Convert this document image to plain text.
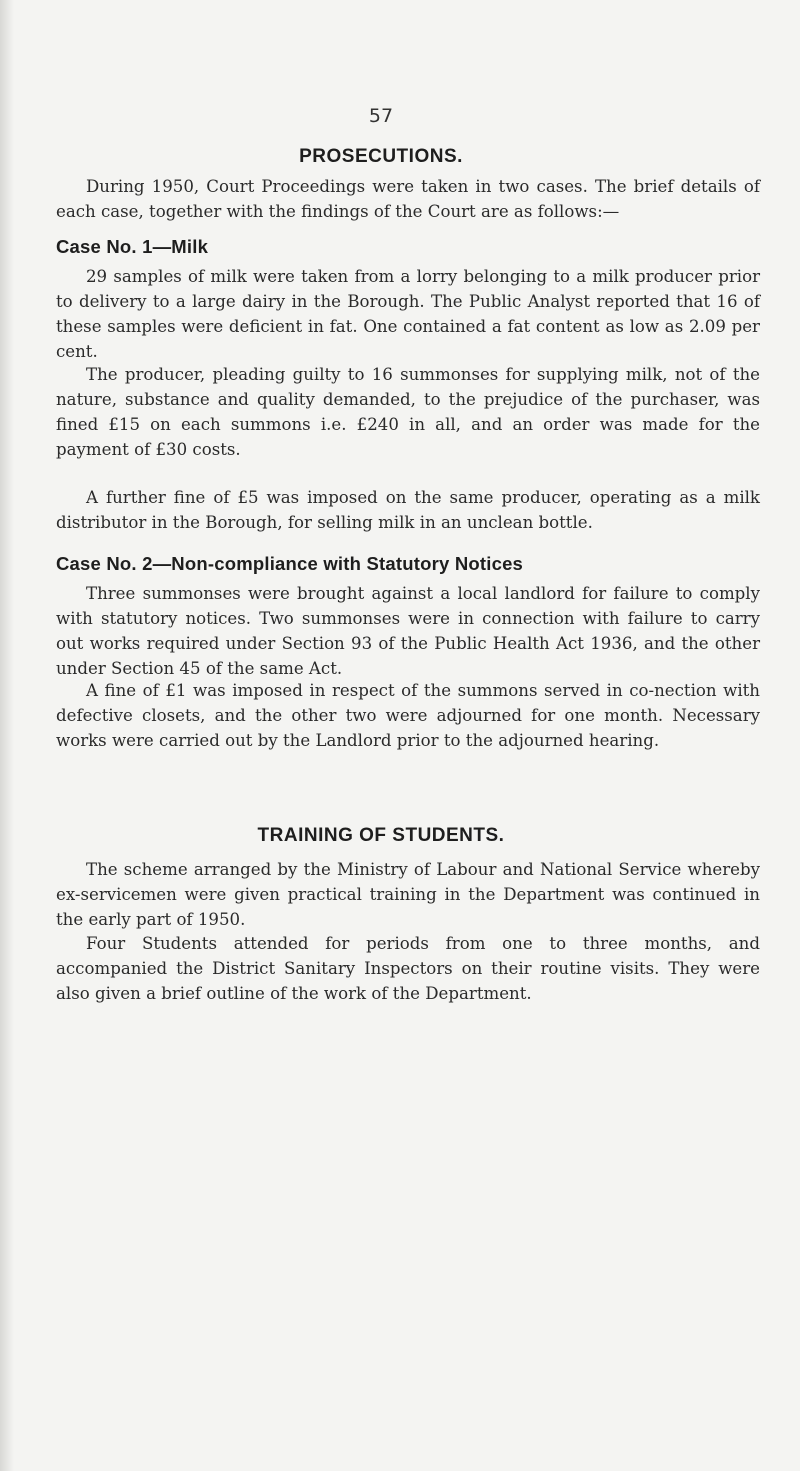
57
PROSECUTIONS.

During 1950, Court Proceedings were taken in two cases. The brief details of each case, together with the findings of the Court are as follows:—

Case No. 1—Milk

29 samples of milk were taken from a lorry belonging to a milk producer prior to delivery to a large dairy in the Borough. The Public Analyst reported that 16 of these samples were deficient in fat. One contained a fat content as low as 2.09 per cent.

The producer, pleading guilty to 16 summonses for supplying milk, not of the nature, substance and quality demanded, to the prejudice of the purchaser, was fined £15 on each summons i.e. £240 in all, and an order was made for the payment of £30 costs.

A further fine of £5 was imposed on the same producer, operating as a milk distributor in the Borough, for selling milk in an unclean bottle.

Case No. 2—Non-compliance with Statutory Notices

Three summonses were brought against a local landlord for failure to comply with statutory notices. Two summonses were in connection with failure to carry out works required under Section 93 of the Public Health Act 1936, and the other under Section 45 of the same Act.

A fine of £1 was imposed in respect of the summons served in co-nection with defective closets, and the other two were adjourned for one month. Necessary works were carried out by the Landlord prior to the adjourned hearing.

TRAINING OF STUDENTS.

The scheme arranged by the Ministry of Labour and National Service whereby ex-servicemen were given practical training in the Department was continued in the early part of 1950.

Four Students attended for periods from one to three months, and accompanied the District Sanitary Inspectors on their routine visits. They were also given a brief outline of the work of the Department.
